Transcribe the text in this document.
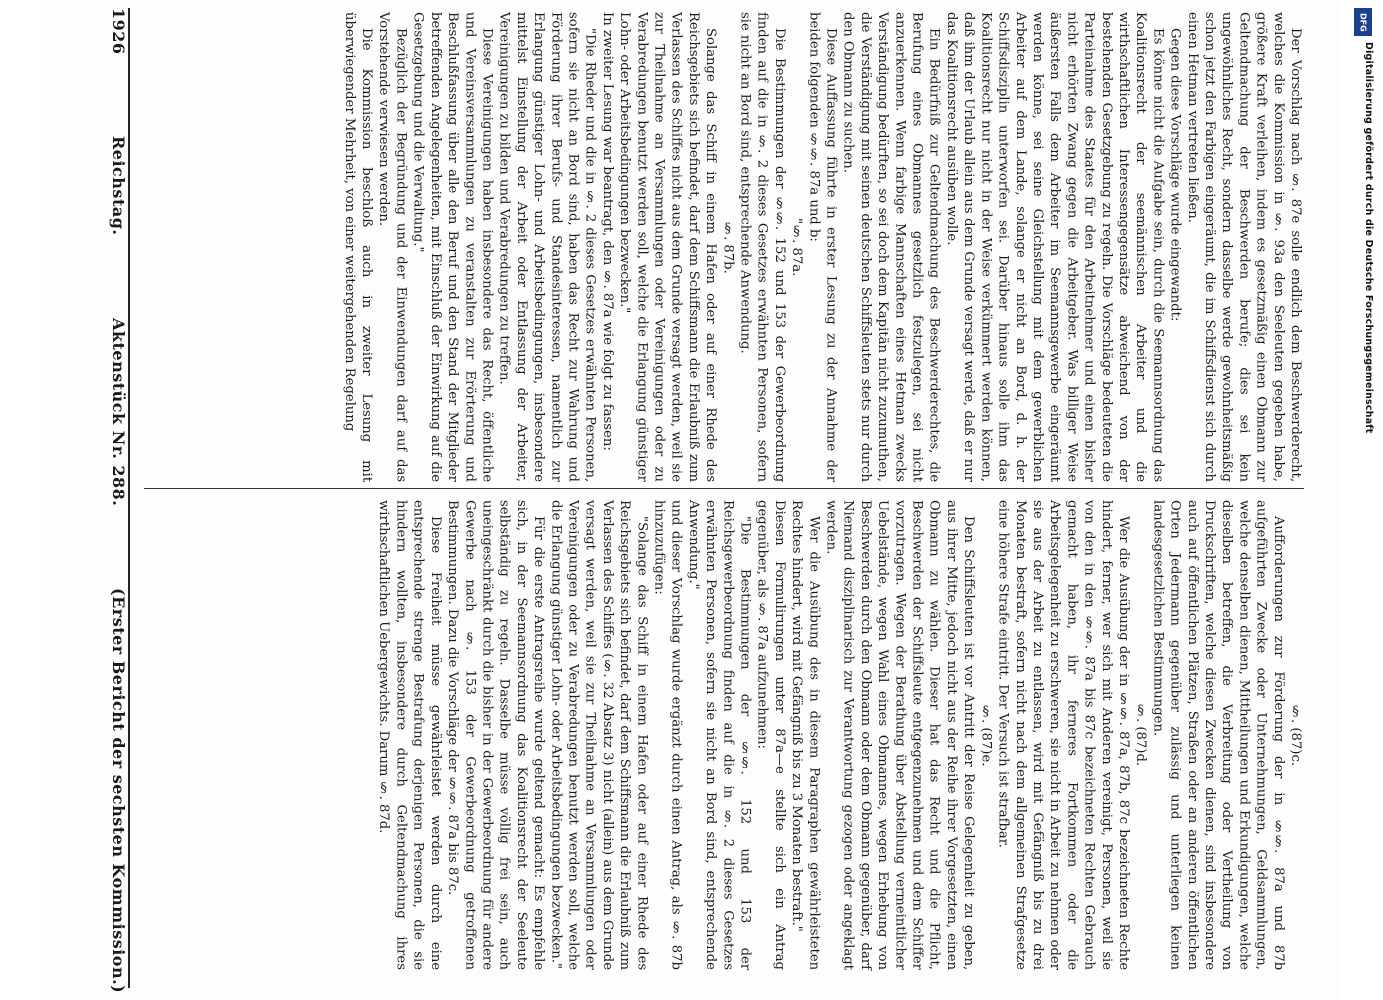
1926
Reichstag.
Aktenstück Nr. 288.
(Erster Bericht der sechsten Kommission.)	§. (87)c.

Aufforderungen zur Förderung der in §§. 87a und 87b aufgeführten Zwecke oder Unternehmungen, Geldsammlungen, welche denselben dienen, Mittheilungen und Erkundigungen, welche dieselben betreffen, die Verbreitung oder Vertheilung von Druckschriften, welche diesen Zwecken dienen, sind insbesondere auch auf öffentlichen Plätzen, Straßen oder an anderen öffentlichen Orten Jedermann gegenüber zulässig und unterliegen keinen landesgesetzlichen Bestimmungen.

§. (87)d.

Wer die Ausübung der in §§. 87a, 87b, 87c bezeichneten Rechte hindert, ferner, wer sich mit Anderen vereinigt, Personen, weil sie von den in den §§. 87a bis 87c bezeichneten Rechten Gebrauch gemacht haben, ihr ferneres Fortkommen oder die Arbeitsgelegenheit zu erschweren, sie nicht in Arbeit zu nehmen oder sie aus der Arbeit zu entlassen, wird mit Gefängniß bis zu drei Monaten bestraft, sofern nicht nach dem allgemeinen Strafgesetze eine höhere Strafe eintritt. Der Versuch ist strafbar.

§. (87)e.

Den Schiffsleuten ist vor Antritt der Reise Gelegenheit zu geben, aus ihrer Mitte, jedoch nicht aus der Reihe ihrer Vorgesetzten, einen Obmann zu wählen. Dieser hat das Recht und die Pflicht, Beschwerden der Schiffsleute entgegenzunehmen und dem Schiffer vorzutragen. Wegen der Berathung über Abstellung vermeintlicher Uebelstände, wegen Wahl eines Obmannes, wegen Erhebung von Beschwerden durch den Obmann oder dem Obmann gegenüber, darf Niemand disziplinarisch zur Verantwortung gezogen oder angeklagt werden.

Wer die Ausübung des in diesem Paragraphen gewährleisteten Rechtes hindert, wird mit Gefängniß bis zu 3 Monaten bestraft."

Diesen Formulirungen unter 87a—e stellte sich ein Antrag gegenüber, als §. 87a aufzunehmen:

"Die Bestimmungen der §§. 152 und 153 der Reichsgewerbeordnung finden auf die in §. 2 dieses Gesetzes erwähnten Personen, sofern sie nicht an Bord sind, entsprechende Anwendung."

und dieser Vorschlag wurde ergänzt durch einen Antrag, als §. 87b hinzuzufügen:

"Solange das Schiff in einem Hafen oder auf einer Rhede des Reichsgebiets sich befindet, darf dem Schiffsmann die Erlaubniß zum Verlassen des Schiffes (§. 32 Absatz 3) nicht (allein) aus dem Grunde versagt werden, weil sie zur Theilnahme an Versammlungen oder Vereinigungen oder zu Verabredungen benutzt werden soll, welche die Erlangung günstiger Lohn- oder Arbeitsbedingungen bezwecken."

Für die erste Antragsreihe wurde geltend gemacht: Es empfehle sich, in der Seemannsordnung das Koalitionsrecht der Seeleute selbständig zu regeln. Dasselbe müsse völlig frei sein, auch uneingeschränkt durch die bisher in der Gewerbeordnung für andere Gewerbe nach §. 153 der Gewerbeordnung getroffenen Bestimmungen. Dazu die Vorschläge der §§. 87a bis 87c.

Diese Freiheit müsse gewährleistet werden durch eine entsprechende strenge Bestrafung derjenigen Personen, die sie hindern wollten, insbesondere durch Geltendmachung ihres wirthschaftlichen Uebergewichts. Darum §. 87d.

Der Vorschlag nach §. 87e solle endlich dem Beschwerderecht, welches die Kommission in §. 93a den Seeleuten gegeben habe, größere Kraft verleihen, indem es gesetzmäßig einen Obmann zur Geltendmachung der Beschwerden berufe; dies sei kein ungewöhnliches Recht, sondern dasselbe werde gewohnheitsmäßig schon jetzt den Farbigen eingeräumt, die im Schiffsdienst sich durch einen Hetman vertreten ließen.

Gegen diese Vorschläge wurde eingewandt:

Es könne nicht die Aufgabe sein, durch die Seemannsordnung das Koalitionsrecht der seemännischen Arbeiter und die wirthschaftlichen Interessengegensätze abweichend von der bestehenden Gesetzgebung zu regeln. Die Vorschläge bedeuteten die Parteinahme des Staates für den Arbeitnehmer und einen bisher nicht erhörten Zwang gegen die Arbeitgeber. Was billiger Weise äußersten Falls dem Arbeiter im Seemannsgewerbe eingeräumt werden könne, sei seine Gleichstellung mit dem gewerblichen Arbeiter auf dem Lande, solange er nicht an Bord, d. h. der Schiffsdisziplin unterworfen sei. Darüber hinaus solle ihm das Koalitionsrecht nur nicht in der Weise verkümmert werden können, daß ihm der Urlaub allein aus dem Grunde versagt werde, daß er nur das Koalitionsrecht ausüben wolle.

Ein Bedürfniß zur Geltendmachung des Beschwerderechtes, die Berufung eines Obmannes gesetzlich festzulegen, sei nicht anzuerkennen. Wenn farbige Mannschaften eines Hetman zwecks Verständigung bedürften, so sei doch dem Kapitän nicht zuzumuthen, die Verständigung mit seinen deutschen Schiffsleuten stets nur durch den Obmann zu suchen.

Diese Auffassung führte in erster Lesung zu der Annahme der beiden folgenden §§. 87a und b:

"§. 87a.

Die Bestimmungen der §§. 152 und 153 der Gewerbeordnung finden auf die in §. 2 dieses Gesetzes erwähnten Personen, sofern sie nicht an Bord sind, entsprechende Anwendung.

§. 87b.

Solange das Schiff in einem Hafen oder auf einer Rhede des Reichsgebiets sich befindet, darf dem Schiffsmann die Erlaubniß zum Verlassen des Schiffes nicht aus dem Grunde versagt werden, weil sie zur Theilnahme an Versammlungen oder Vereinigungen oder zu Verabredungen benutzt werden soll, welche die Erlangung günstiger Lohn- oder Arbeitsbedingungen bezwecken."

In zweiter Lesung war beantragt, den §. 87a wie folgt zu fassen:

"Die Rheder und die in §. 2 dieses Gesetzes erwähnten Personen, sofern sie nicht an Bord sind, haben das Recht zur Wahrung und Förderung ihrer Berufs- und Standesinteressen, namentlich zur Erlangung günstiger Lohn- und Arbeitsbedingungen, insbesondere mittelst Einstellung der Arbeit oder Entlassung der Arbeiter, Vereinigungen zu bilden und Verabredungen zu treffen.

Diese Vereinigungen haben insbesondere das Recht, öffentliche und Vereinsversammlungen zu veranstalten zur Erörterung und Beschlußfassung über alle den Beruf und den Stand der Mitglieder betreffenden Angelegenheiten, mit Einschluß der Einwirkung auf die Gesetzgebung und die Verwaltung."

Bezüglich der Begründung und der Einwendungen darf auf das Vorstehende verwiesen werden.

Die Kommission beschloß auch in zweiter Lesung mit überwiegender Mehrheit, von einer weitergehenden Regelung	DFG
Digitalisierung gefördert durch die Deutsche Forschungsgemeinschaft
